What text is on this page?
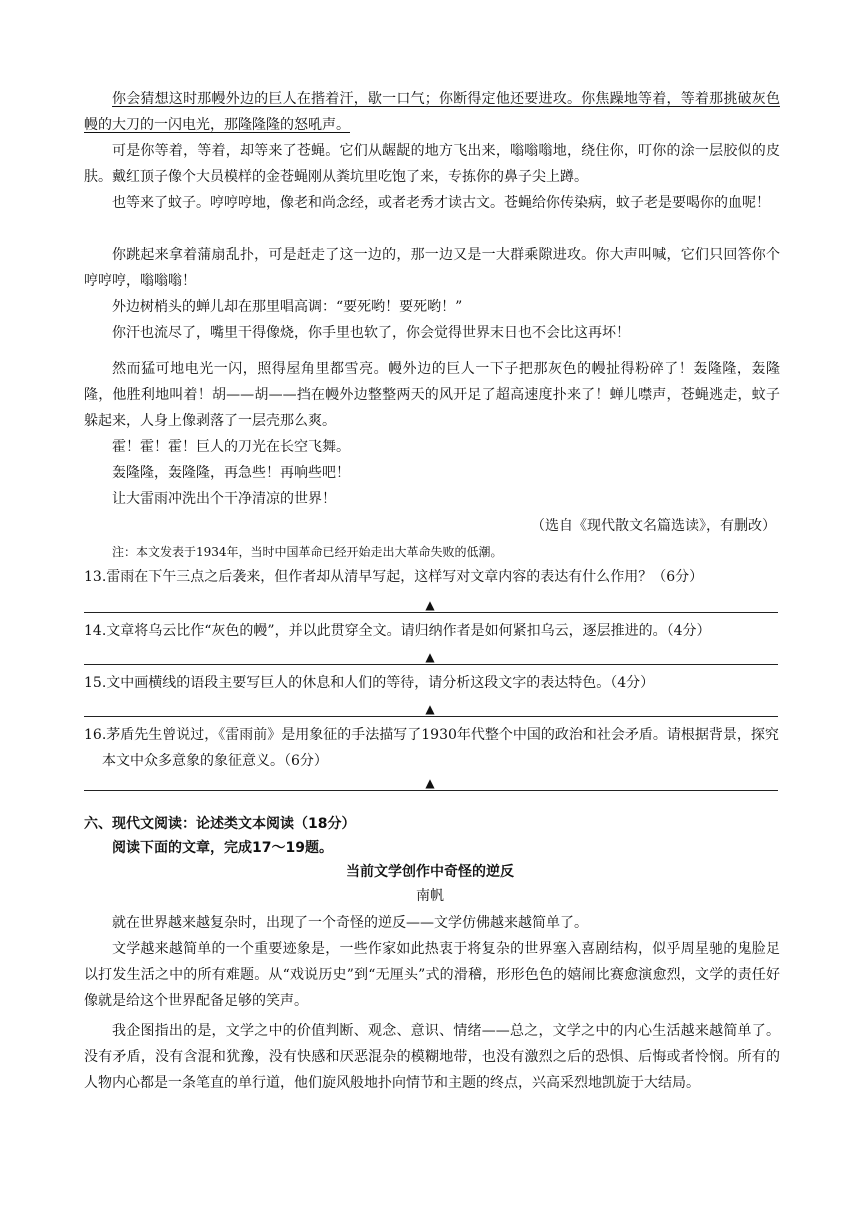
你会猜想这时那幔外边的巨人在揩着汗，歇一口气；你断得定他还要进攻。你焦躁地等着，等着那挑破灰色幔的大刀的一闪电光，那隆隆隆的怒吼声。

可是你等着，等着，却等来了苍蝇。它们从龌龊的地方飞出来，嗡嗡嗡地，绕住你，叮你的涂一层胶似的皮肤。戴红顶子像个大员模样的金苍蝇刚从粪坑里吃饱了来，专拣你的鼻子尖上蹲。

也等来了蚊子。哼哼哼地，像老和尚念经，或者老秀才读古文。苍蝇给你传染病，蚊子老是要喝你的血呢！

你跳起来拿着蒲扇乱扑，可是赶走了这一边的，那一边又是一大群乘隙进攻。你大声叫喊，它们只回答你个哼哼哼，嗡嗡嗡！

外边树梢头的蝉儿却在那里唱高调：“要死哟！要死哟！”

你汗也流尽了，嘴里干得像烧，你手里也软了，你会觉得世界末日也不会比这再坏！

然而猛可地电光一闪，照得屋角里都雪亮。幔外边的巨人一下子把那灰色的幔扯得粉碎了！轰隆隆，轰隆隆，他胜利地叫着！胡——胡——挡在幔外边整整两天的风开足了超高速度扑来了！蝉儿噤声，苍蝇逃走，蚊子躲起来，人身上像剥落了一层壳那么爽。

霍！霍！霍！巨人的刀光在长空飞舞。

轰隆隆，轰隆隆，再急些！再响些吧！

让大雷雨冲洗出个干净清凉的世界！

（选自《现代散文名篇选读》，有删改）
注：本文发表于1934年，当时中国革命已经开始走出大革命失败的低潮。

13.雷雨在下午三点之后袭来，但作者却从清早写起，这样写对文章内容的表达有什么作用？（6分）

▲

14.文章将乌云比作“灰色的幔”，并以此贯穿全文。请归纳作者是如何紧扣乌云，逐层推进的。（4分）

▲

15.文中画横线的语段主要写巨人的休息和人们的等待，请分析这段文字的表达特色。（4分）

▲

16.茅盾先生曾说过，《雷雨前》是用象征的手法描写了1930年代整个中国的政治和社会矛盾。请根据背景，探究本文中众多意象的象征意义。（6分）

▲
六、现代文阅读：论述类文本阅读（18分）
阅读下面的文章，完成17～19题。
当前文学创作中奇怪的逆反
南帆

就在世界越来越复杂时，出现了一个奇怪的逆反——文学仿佛越来越简单了。

文学越来越简单的一个重要迹象是，一些作家如此热衷于将复杂的世界塞入喜剧结构，似乎周星驰的鬼脸足以打发生活之中的所有难题。从“戏说历史”到“无厘头”式的滑稽，形形色色的嬉闹比赛愈演愈烈，文学的责任好像就是给这个世界配备足够的笑声。

我企图指出的是，文学之中的价值判断、观念、意识、情绪——总之，文学之中的内心生活越来越简单了。没有矛盾，没有含混和犹豫，没有快感和厌恶混杂的模糊地带，也没有激烈之后的恐惧、后悔或者怜悯。所有的人物内心都是一条笔直的单行道，他们旋风般地扑向情节和主题的终点，兴高采烈地凯旋于大结局。
